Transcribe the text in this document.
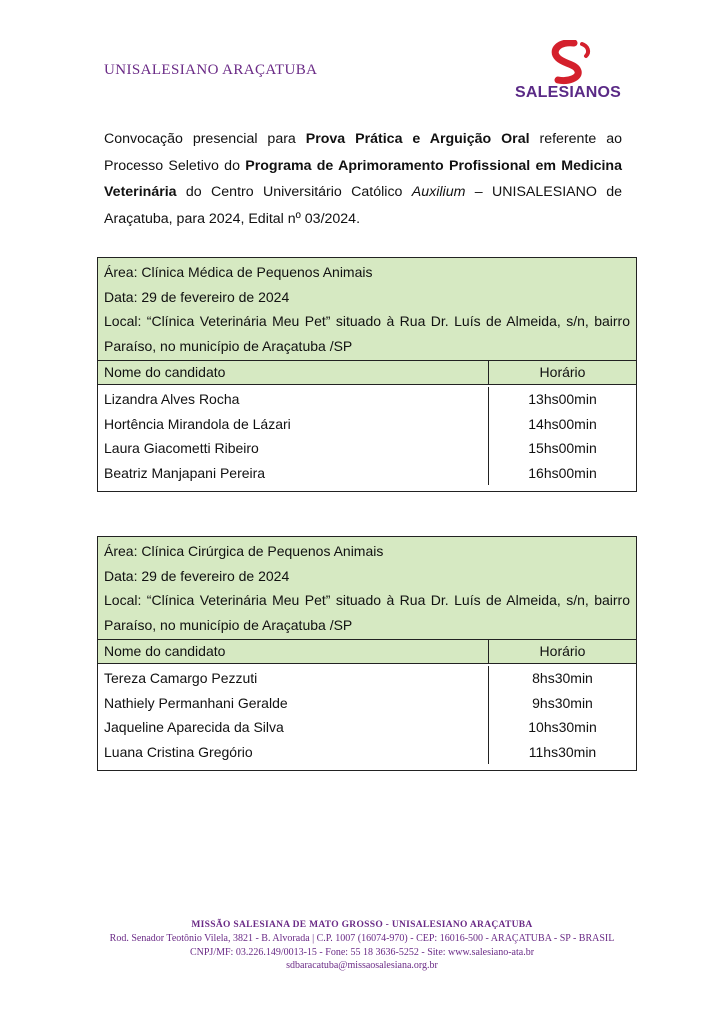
UNISALESIANO ARAÇATUBA
SALESIANOS
Convocação presencial para Prova Prática e Arguição Oral referente ao Processo Seletivo do Programa de Aprimoramento Profissional em Medicina Veterinária do Centro Universitário Católico Auxilium – UNISALESIANO de Araçatuba, para 2024, Edital nº 03/2024.
Área: Clínica Médica de Pequenos Animais
Data: 29 de fevereiro de 2024
Local: “Clínica Veterinária Meu Pet” situado à Rua Dr. Luís de Almeida, s/n, bairro Paraíso, no município de Araçatuba /SP
Nome do candidato	Horário
Lizandra Alves Rocha	13hs00min
Hortência Mirandola de Lázari	14hs00min
Laura Giacometti Ribeiro	15hs00min
Beatriz Manjapani Pereira	16hs00min
Área: Clínica Cirúrgica de Pequenos Animais
Data: 29 de fevereiro de 2024
Local: “Clínica Veterinária Meu Pet” situado à Rua Dr. Luís de Almeida, s/n, bairro Paraíso, no município de Araçatuba /SP
Nome do candidato	Horário
Tereza Camargo Pezzuti	8hs30min
Nathiely Permanhani Geralde	9hs30min
Jaqueline Aparecida da Silva	10hs30min
Luana Cristina Gregório	11hs30min
MISSÃO SALESIANA DE MATO GROSSO - UNISALESIANO ARAÇATUBA
Rod. Senador Teotônio Vilela, 3821 - B. Alvorada | C.P. 1007 (16074-970) - CEP: 16016-500 - ARAÇATUBA - SP - BRASIL
CNPJ/MF: 03.226.149/0013-15 - Fone: 55 18 3636-5252 - Site: www.salesiano-ata.br
sdbaracatuba@missaosalesiana.org.br
